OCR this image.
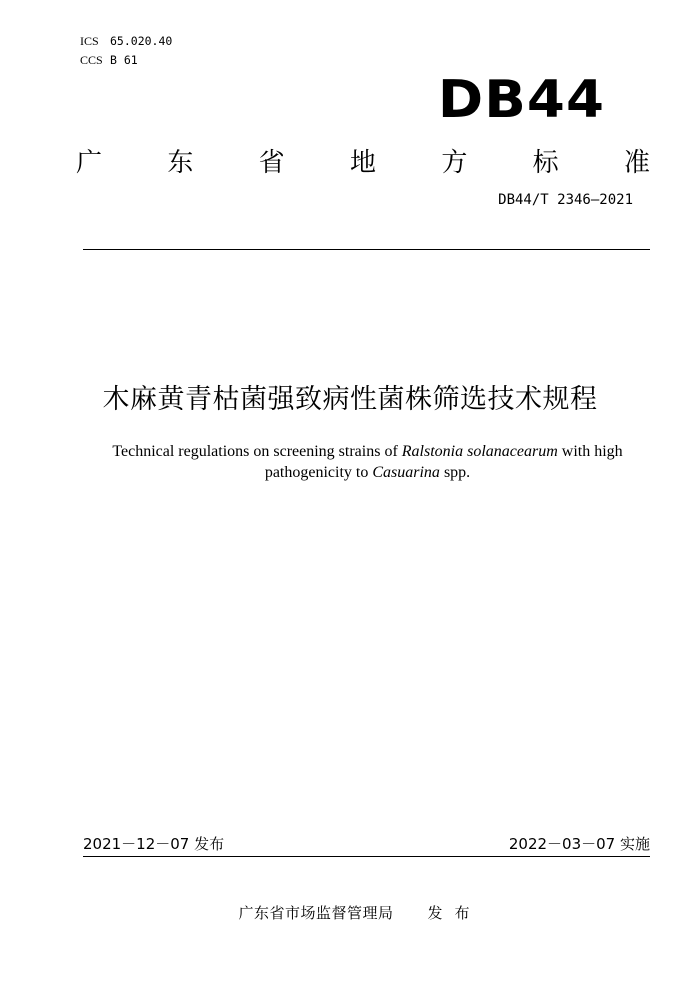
ICS 65.020.40
CCS B 61
DB44
广	东	省	地	方	标	准
DB44/T 2346—2021
木麻黄青枯菌强致病性菌株筛选技术规程
Technical regulations on screening strains of Ralstonia solanacearum with high pathogenicity to Casuarina spp.
2021－12－07 发布	2022－03－07 实施
广东省市场监督管理局 发布
